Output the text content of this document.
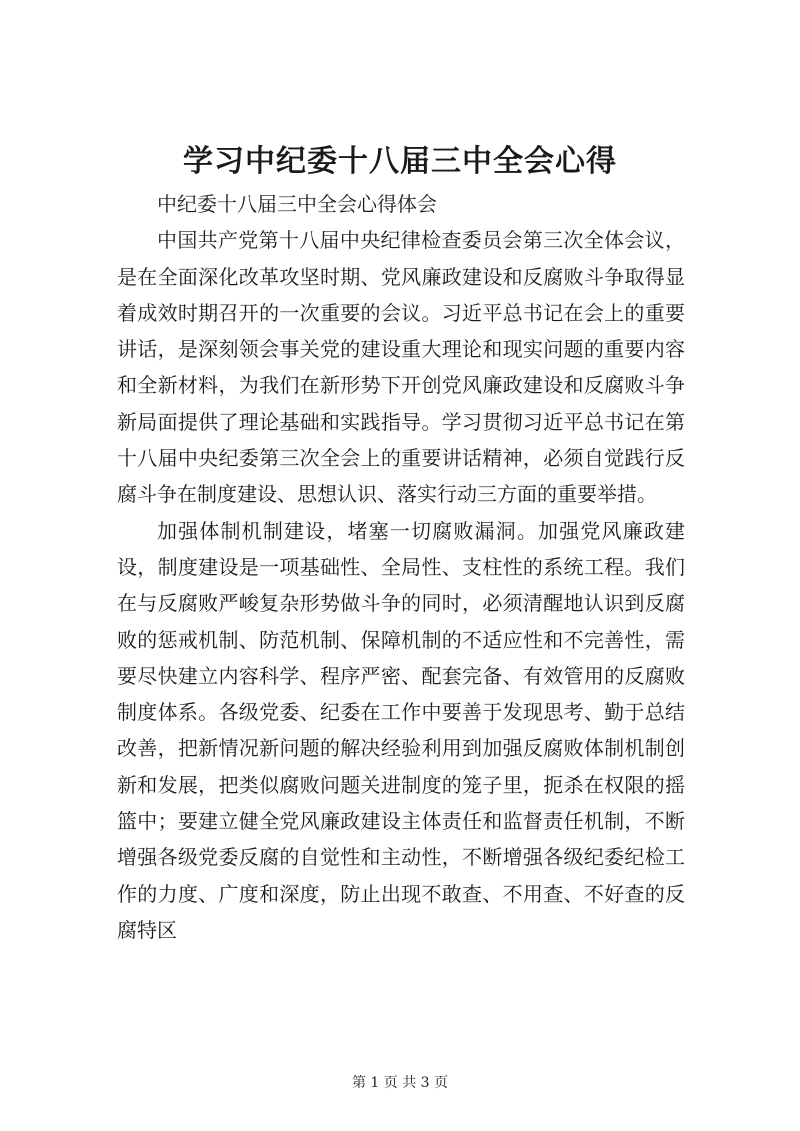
学习中纪委十八届三中全会心得

中纪委十八届三中全会心得体会

中国共产党第十八届中央纪律检查委员会第三次全体会议，是在全面深化改革攻坚时期、党风廉政建设和反腐败斗争取得显着成效时期召开的一次重要的会议。习近平总书记在会上的重要讲话，是深刻领会事关党的建设重大理论和现实问题的重要内容和全新材料，为我们在新形势下开创党风廉政建设和反腐败斗争新局面提供了理论基础和实践指导。学习贯彻习近平总书记在第十八届中央纪委第三次全会上的重要讲话精神，必须自觉践行反腐斗争在制度建设、思想认识、落实行动三方面的重要举措。

加强体制机制建设，堵塞一切腐败漏洞。加强党风廉政建设，制度建设是一项基础性、全局性、支柱性的系统工程。我们在与反腐败严峻复杂形势做斗争的同时，必须清醒地认识到反腐败的惩戒机制、防范机制、保障机制的不适应性和不完善性，需要尽快建立内容科学、程序严密、配套完备、有效管用的反腐败制度体系。各级党委、纪委在工作中要善于发现思考、勤于总结改善，把新情况新问题的解决经验利用到加强反腐败体制机制创新和发展，把类似腐败问题关进制度的笼子里，扼杀在权限的摇篮中；要建立健全党风廉政建设主体责任和监督责任机制，不断增强各级党委反腐的自觉性和主动性，不断增强各级纪委纪检工作的力度、广度和深度，防止出现不敢查、不用查、不好查的反腐特区

第 1 页 共 3 页
